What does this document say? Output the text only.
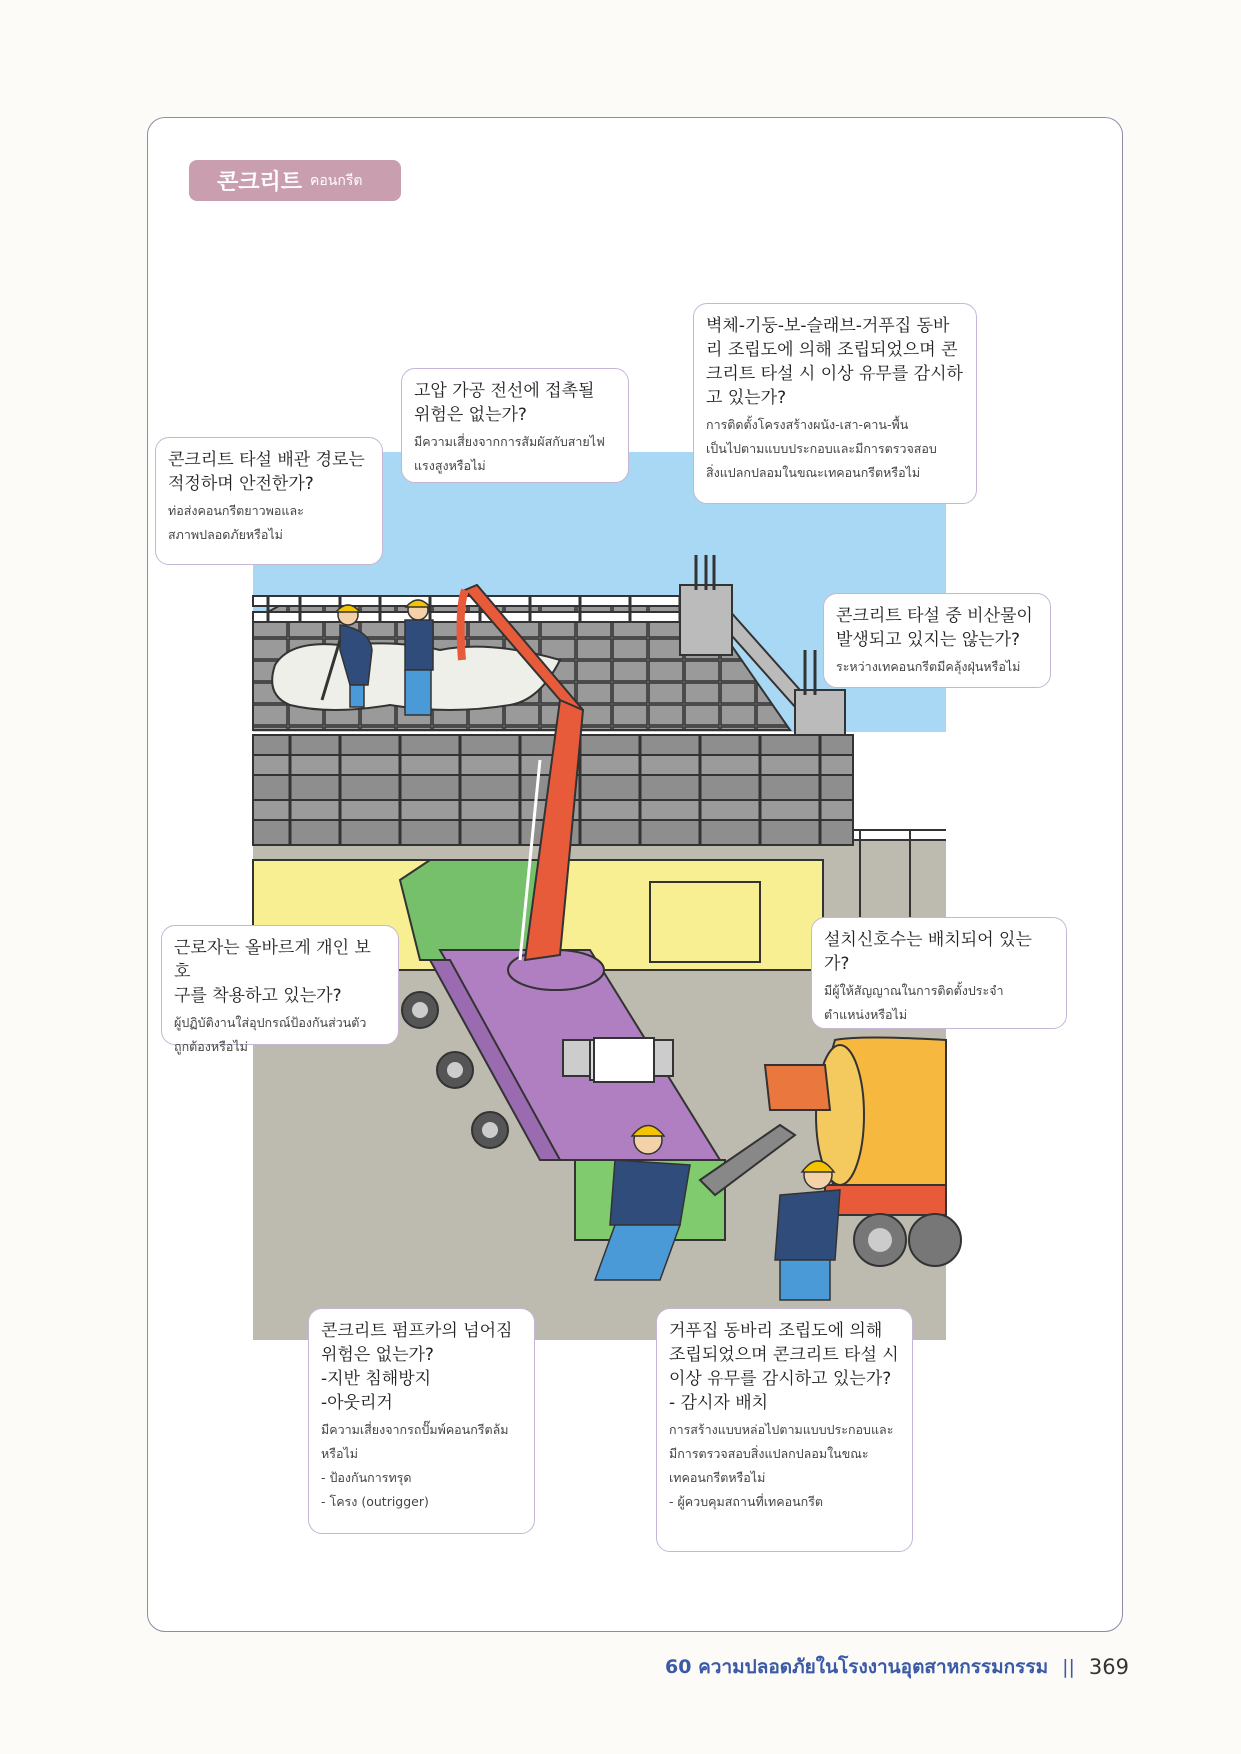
콘크리트 คอนกรีต
콘크리트 타설 배관 경로는
적정하며 안전한가?
ท่อส่งคอนกรีตยาวพอและ
สภาพปลอดภัยหรือไม่
고압 가공 전선에 접촉될
위험은 없는가?
มีความเสี่ยงจากการสัมผัสกับสายไฟ
แรงสูงหรือไม่
벽체-기둥-보-슬래브-거푸집 동바
리 조립도에 의해 조립되었으며 콘
크리트 타설 시 이상 유무를 감시하
고 있는가?
การติดตั้งโครงสร้างผนัง-เสา-คาน-พื้น
เป็นไปตามแบบประกอบและมีการตรวจสอบ
สิ่งแปลกปลอมในขณะเทคอนกรีตหรือไม่
콘크리트 타설 중 비산물이
발생되고 있지는 않는가?
ระหว่างเทคอนกรีตมีคลุ้งฝุ่นหรือไม่
근로자는 올바르게 개인 보호
구를 착용하고 있는가?
ผู้ปฏิบัติงานใส่อุปกรณ์ป้องกันส่วนตัว
ถูกต้องหรือไม่
설치신호수는 배치되어 있는가?
มีผู้ให้สัญญาณในการติดตั้งประจำ
ตำแหน่งหรือไม่
콘크리트 펌프카의 넘어짐
위험은 없는가?
-지반 침해방지
-아웃리거
มีความเสี่ยงจากรถปั๊มพ์คอนกรีตล้ม
หรือไม่
- ป้องกันการทรุด
- โครง (outrigger)
거푸집 동바리 조립도에 의해
조립되었으며 콘크리트 타설 시
이상 유무를 감시하고 있는가?
- 감시자 배치
การสร้างแบบหล่อไปตามแบบประกอบและ
มีการตรวจสอบสิ่งแปลกปลอมในขณะ
เทคอนกรีตหรือไม่
- ผู้ควบคุมสถานที่เทคอนกรีต
60 ความปลอดภัยในโรงงานอุตสาหกรรมกรรม || 369
